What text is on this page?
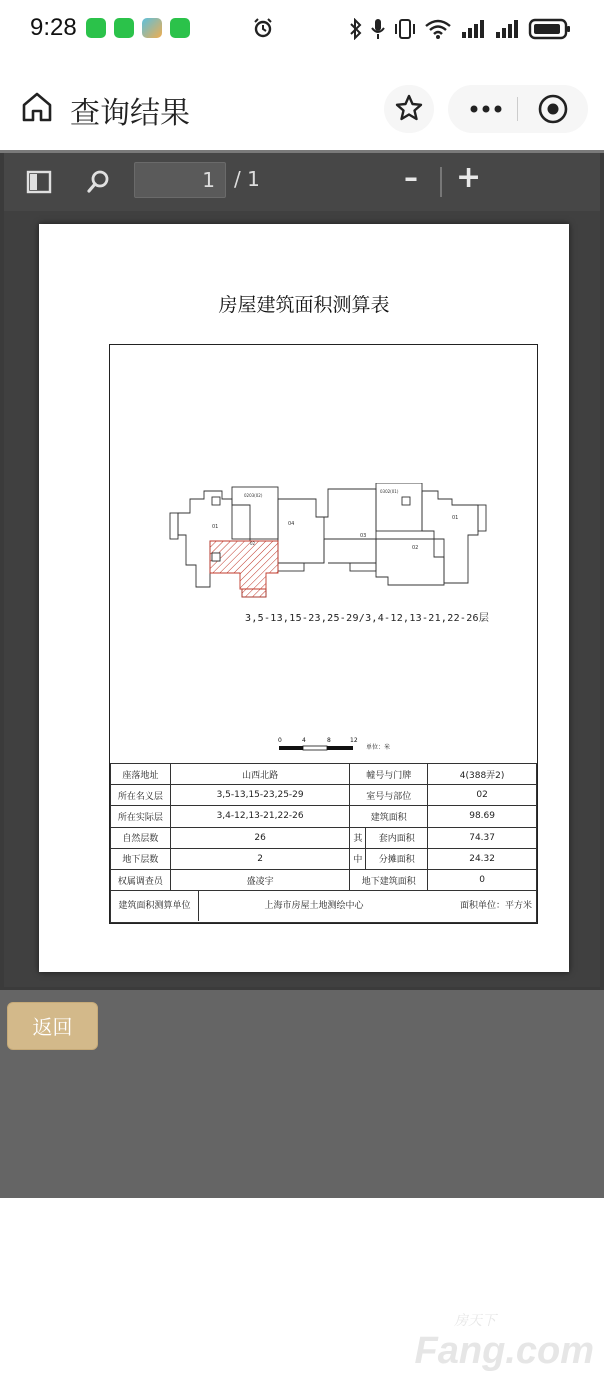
9:28
查询结果
1 / 1	– +
房屋建筑面积测算表
01
0203(02)
04
03
0302(01)
01
02
02
3,5-13,15-23,25-29/3,4-12,13-21,22-26层
0	4	8	12
单位：米
座落地址	山西北路	幢号与门牌		4(388弄2)
所在名义层	3,5-13,15-23,25-29	室号与部位		02
所在实际层	3,4-12,13-21,22-26	建筑面积		98.69
自然层数	26	其	套内面积	74.37
地下层数	2	中	分摊面积	24.32
权属调查员	盛凌宇	地下建筑面积		0

建筑面积测算单位 上海市房屋土地测绘中心 面积单位：平方米				
返回
房天下
Fang.com
